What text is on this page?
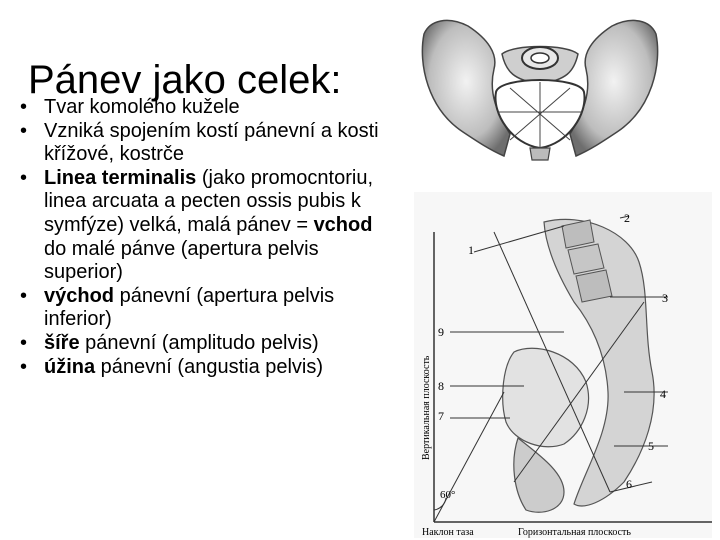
Pánev jako celek:
• Tvar komolého kužele
• Vzniká spojením kostí pánevní a kosti křížové, kostrče
• Linea terminalis (jako promocntoriu, linea arcuata a pecten ossis pubis k symfýze) velká, malá pánev = vchod do malé pánve (apertura pelvis superior)
• východ pánevní (apertura pelvis inferior)
• šíře pánevní (amplitudo pelvis)
• úžina pánevní (angustia pelvis)
1
2
3
4
5
6
7
8
9
60°
Вертикальная плоскость
Наклон таза	Горизонтальная плоскость
